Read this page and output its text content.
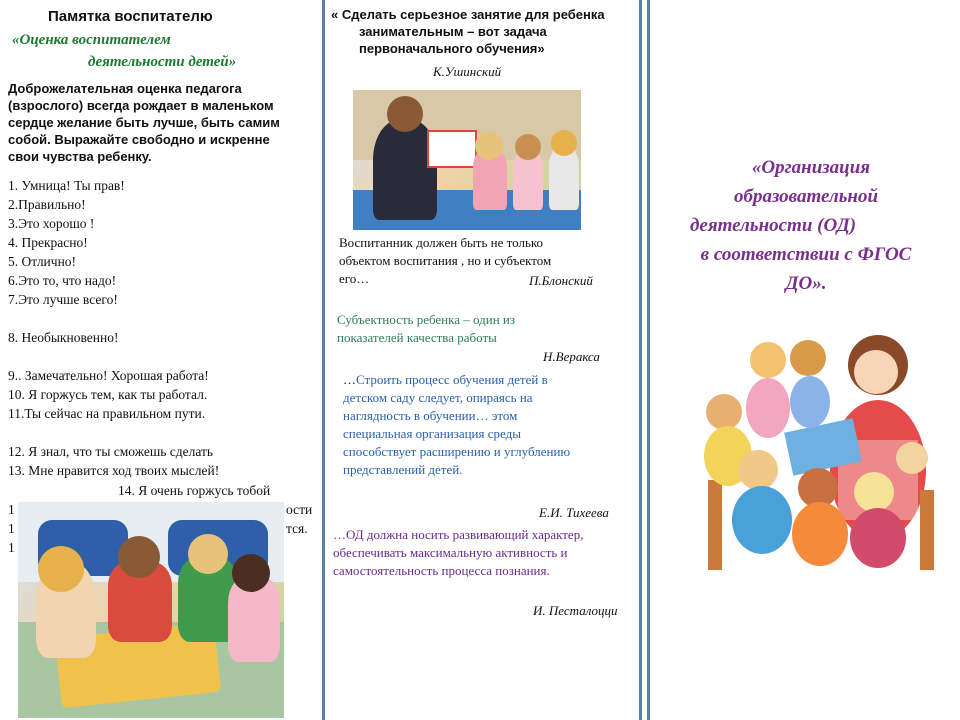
Памятка воспитателю
«Оценка воспитателем
деятельности детей»
Доброжелательная оценка педагога
(взрослого) всегда рождает в маленьком
сердце желание быть лучше, быть самим
собой. Выражайте свободно и искренне
свои чувства ребенку.
1. Умница! Ты прав!
2.Правильно!
3.Это хорошо !
4. Прекрасно!
5. Отлично!
6.Это то, что надо!
7.Это лучше всего!
8. Необыкновенно!
9.. Замечательно! Хорошая работа!
10. Я горжусь тем, как ты работал.
11.Ты сейчас на правильном пути.
12. Я знал, что ты сможешь сделать
13. Мне нравится ход твоих мыслей!
14. Я очень горжусь тобой
1
1
1
ости
тся.
« Сделать серьезное занятие для ребенка
занимательным – вот задача
первоначального обучения»
К.Ушинский
Воспитанник должен быть не только
объектом воспитания , но и субъектом
его…	П.Блонский
Субъектность ребенка – один из
показателей качества работы
Н.Веракса
…Строить процесс обучения детей в
детском саду следует, опираясь на
наглядность в обучении… этом
специальная организация среды
способствует расширению и углублению
представлений детей.
Е.И. Тихеева
…ОД должна носить развивающий характер,
обеспечивать максимальную активность и
самостоятельность процесса познания.
И. Песталоцци
«Организация
образовательной
деятельности (ОД)
в соответствии с ФГОС
ДО».
